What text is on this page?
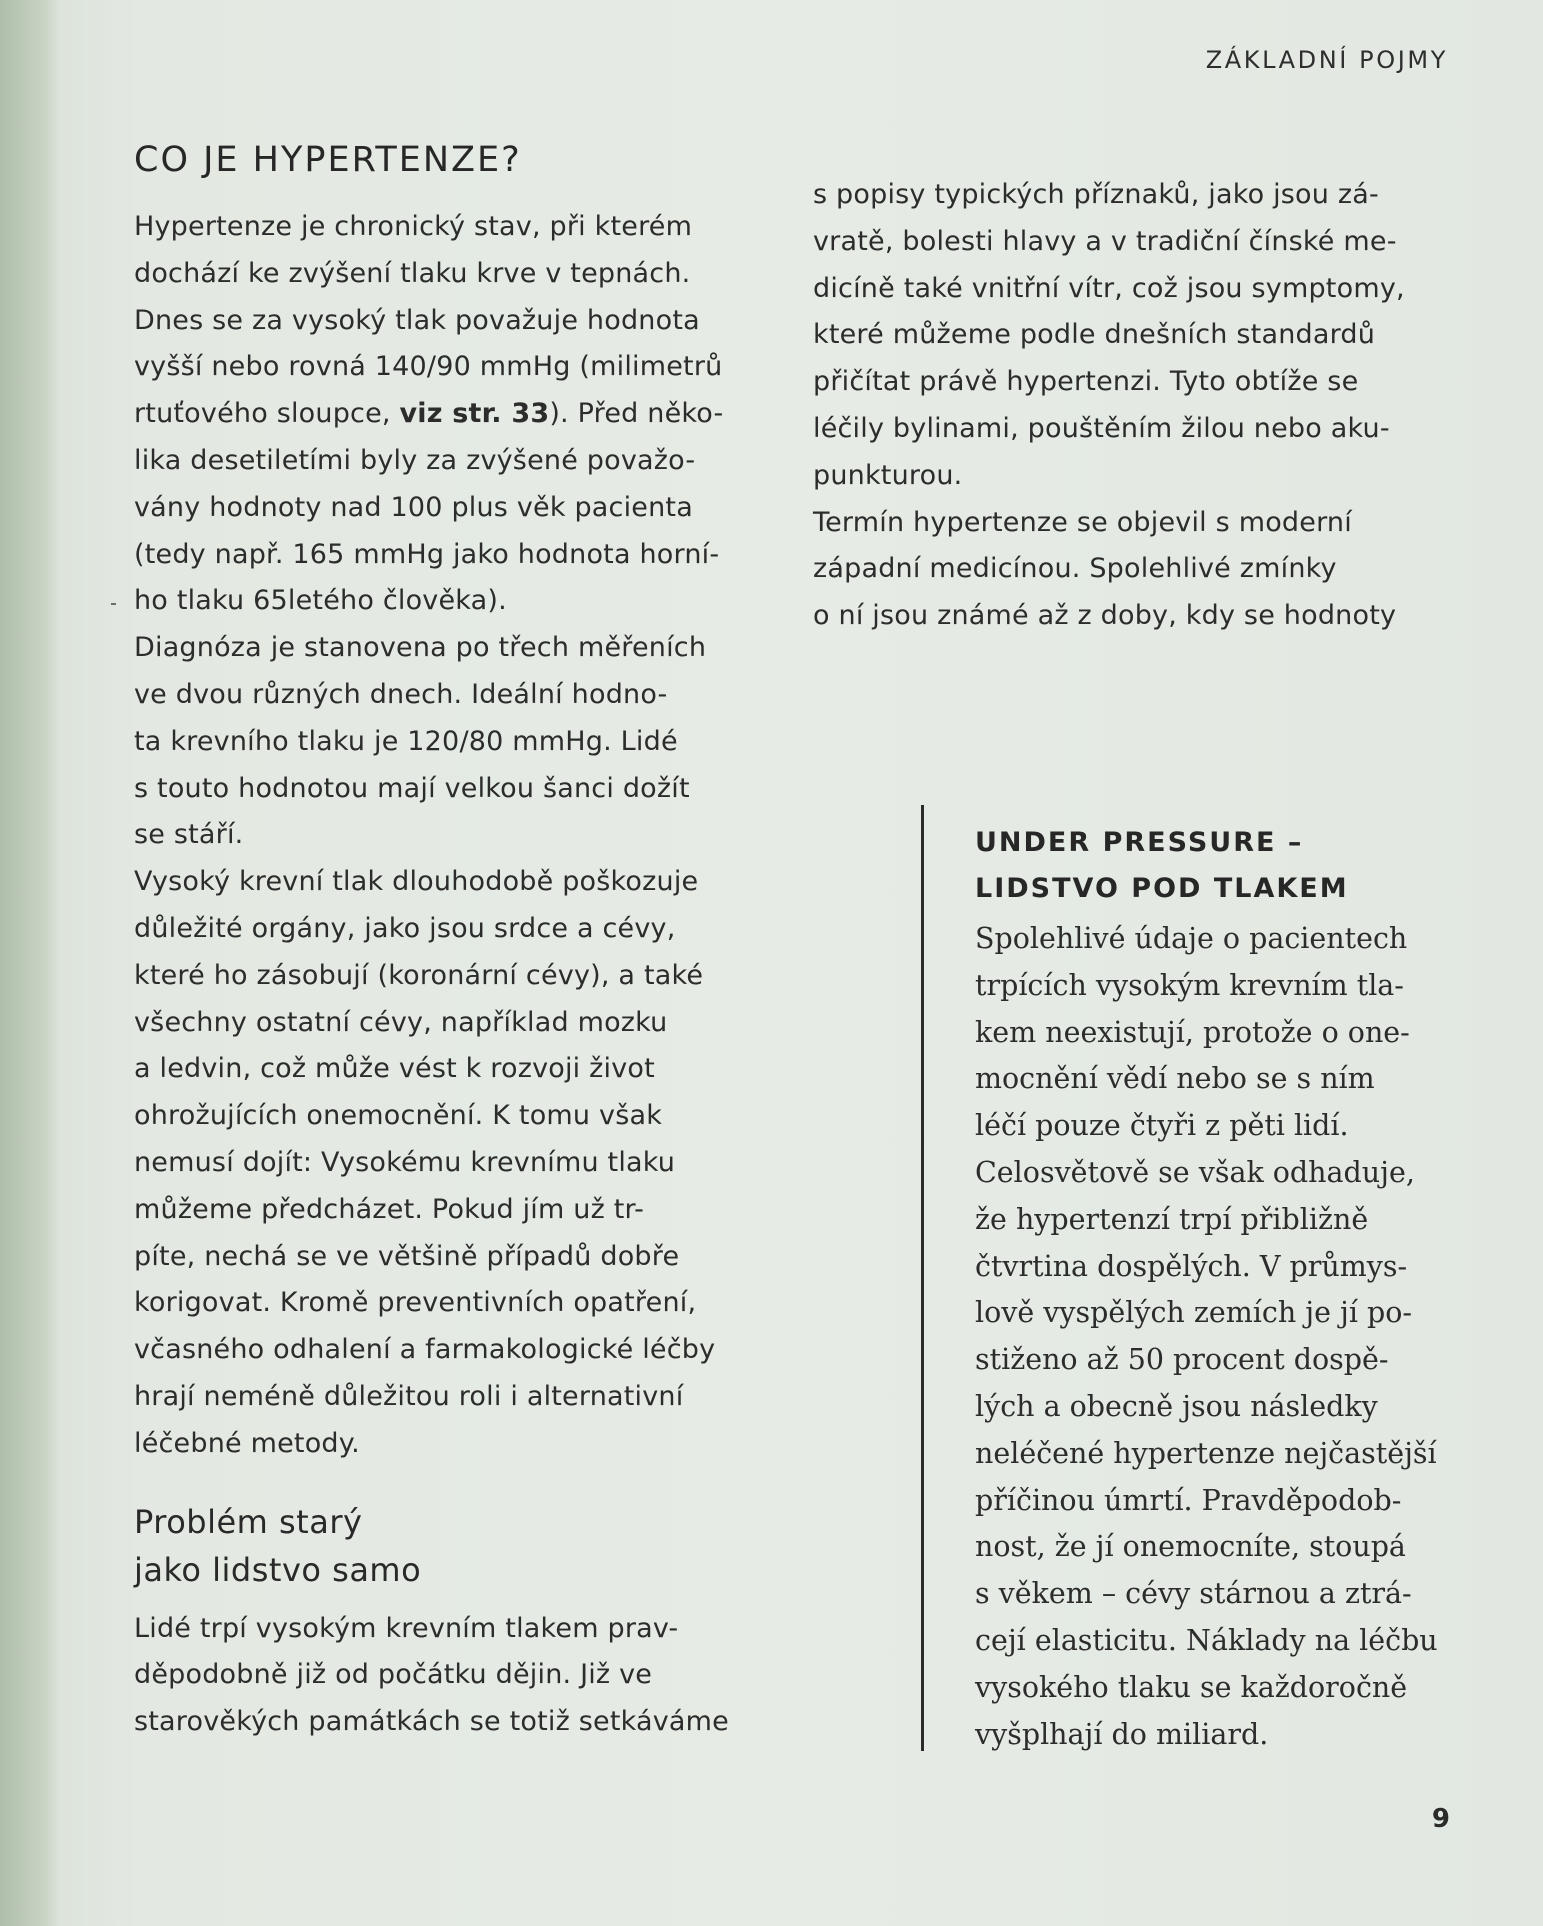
ZÁKLADNÍ POJMY
CO JE HYPERTENZE?
Hypertenze je chronický stav, při kterém
dochází ke zvýšení tlaku krve v tepnách.
Dnes se za vysoký tlak považuje hodnota
vyšší nebo rovná 140/90 mmHg (milimetrů
rtuťového sloupce, viz str. 33). Před něko-
lika desetiletími byly za zvýšené považo-
vány hodnoty nad 100 plus věk pacienta
(tedy např. 165 mmHg jako hodnota horní-
ho tlaku 65letého člověka).
Diagnóza je stanovena po třech měřeních
ve dvou různých dnech. Ideální hodno-
ta krevního tlaku je 120/80 mmHg. Lidé
s touto hodnotou mají velkou šanci dožít
se stáří.
Vysoký krevní tlak dlouhodobě poškozuje
důležité orgány, jako jsou srdce a cévy,
které ho zásobují (koronární cévy), a také
všechny ostatní cévy, například mozku
a ledvin, což může vést k rozvoji život
ohrožujících onemocnění. K tomu však
nemusí dojít: Vysokému krevnímu tlaku
můžeme předcházet. Pokud jím už tr-
píte, nechá se ve většině případů dobře
korigovat. Kromě preventivních opatření,
včasného odhalení a farmakologické léčby
hrají neméně důležitou roli i alternativní
léčebné metody.
Problém starý
jako lidstvo samo
Lidé trpí vysokým krevním tlakem prav-
děpodobně již od počátku dějin. Již ve
starověkých památkách se totiž setkáváme
s popisy typických příznaků, jako jsou zá-
vratě, bolesti hlavy a v tradiční čínské me-
dicíně také vnitřní vítr, což jsou symptomy,
které můžeme podle dnešních standardů
přičítat právě hypertenzi. Tyto obtíže se
léčily bylinami, pouštěním žilou nebo aku-
punkturou.
Termín hypertenze se objevil s moderní
západní medicínou. Spolehlivé zmínky
o ní jsou známé až z doby, kdy se hodnoty
UNDER PRESSURE –
LIDSTVO POD TLAKEM
Spolehlivé údaje o pacientech
trpících vysokým krevním tla-
kem neexistují, protože o one-
mocnění vědí nebo se s ním
léčí pouze čtyři z pěti lidí.
Celosvětově se však odhaduje,
že hypertenzí trpí přibližně
čtvrtina dospělých. V průmys-
lově vyspělých zemích je jí po-
stiženo až 50 procent dospě-
lých a obecně jsou následky
neléčené hypertenze nejčastější
příčinou úmrtí. Pravděpodob-
nost, že jí onemocníte, stoupá
s věkem – cévy stárnou a ztrá-
cejí elasticitu. Náklady na léčbu
vysokého tlaku se každoročně
vyšplhají do miliard.
9
